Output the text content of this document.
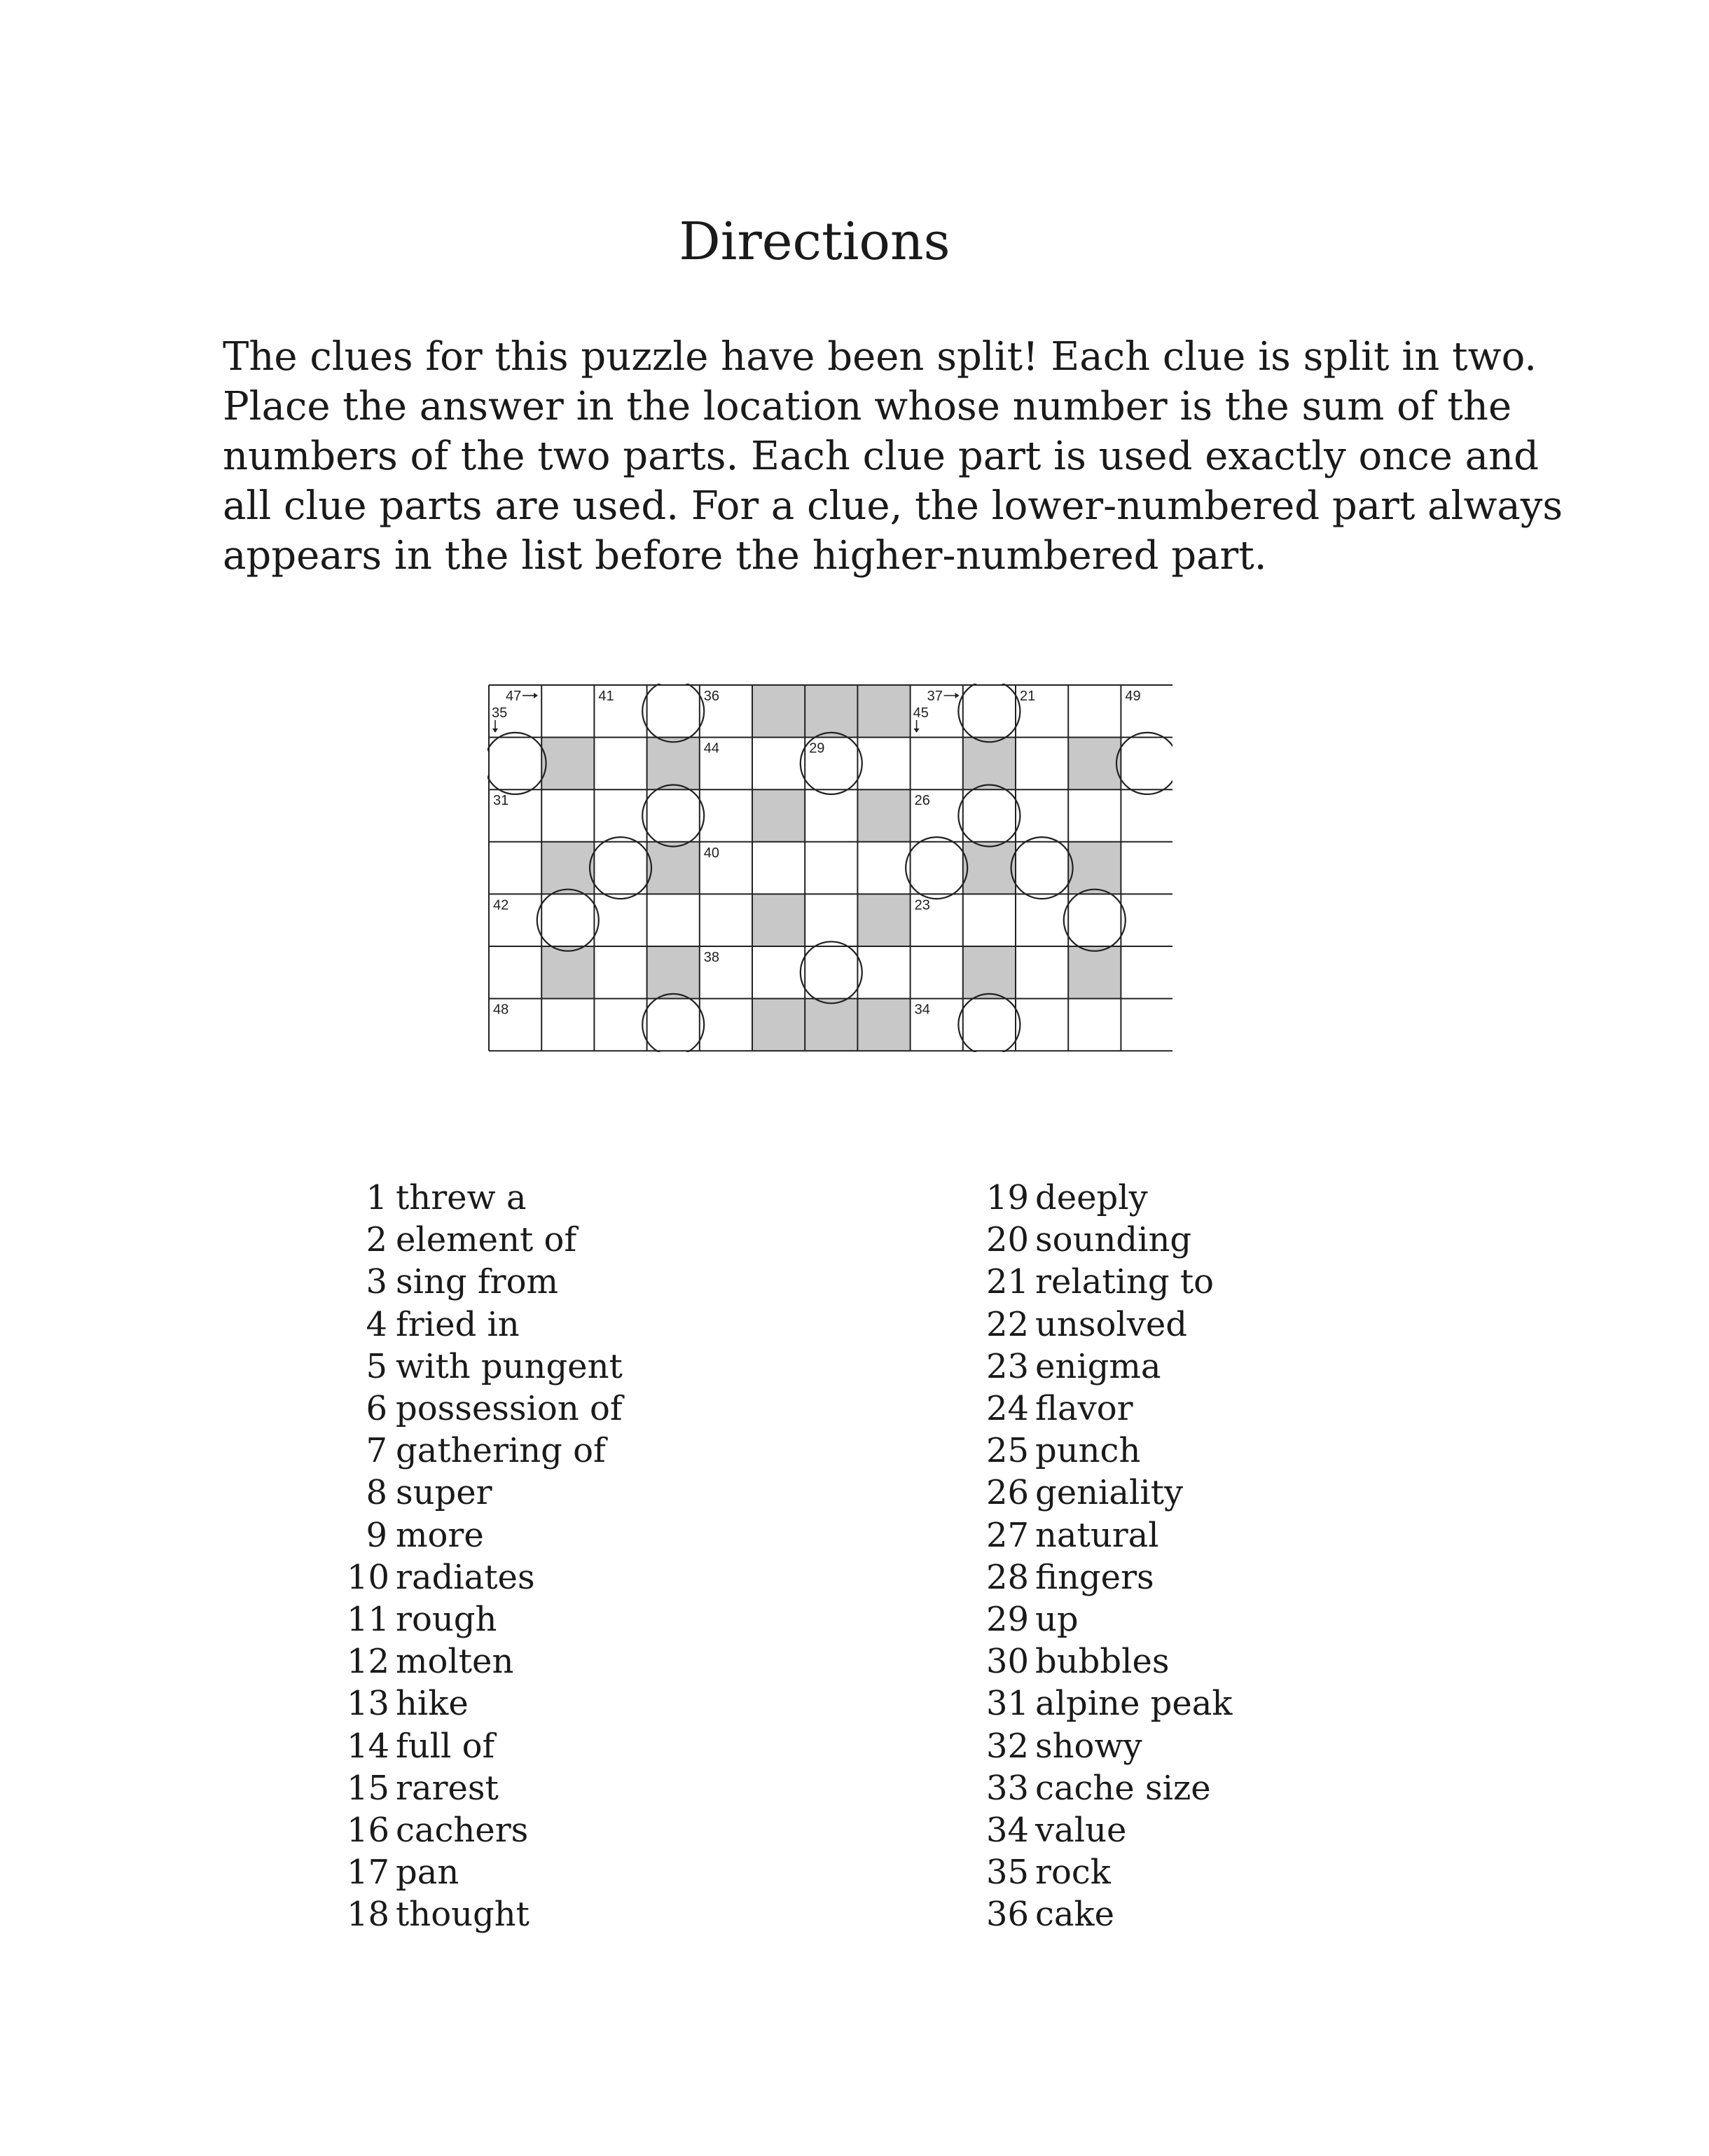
Directions

The clues for this puzzle have been split! Each clue is split in two.

Place the answer in the location whose number is the sum of the

numbers of the two parts. Each clue part is used exactly once and

all clue parts are used. For a clue, the lower-numbered part always

appears in the list before the higher-numbered part.

47	41	36	37	21	49
44	29
31	26
40
42	23
38
48	34
35	45
1 threw a
2 element of
3 sing from
4 fried in
5 with pungent
6 possession of
7 gathering of
8 super
9 more
10 radiates
11 rough
12 molten
13 hike
14 full of
15 rarest
16 cachers
17 pan
18 thought
19 deeply
20 sounding
21 relating to
22 unsolved
23 enigma
24 flavor
25 punch
26 geniality
27 natural
28 fingers
29 up
30 bubbles
31 alpine peak
32 showy
33 cache size
34 value
35 rock
36 cake
